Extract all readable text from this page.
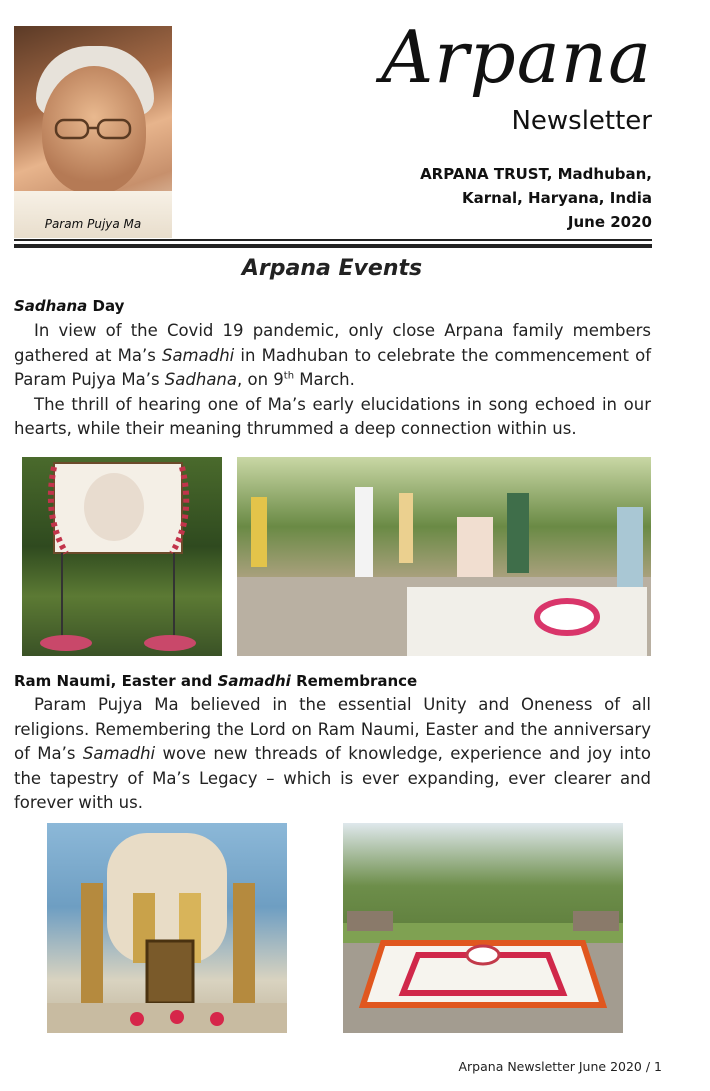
Param Pujya Ma
Arpana
Newsletter
ARPANA TRUST, Madhuban,
Karnal, Haryana, India
June 2020
Arpana Events
Sadhana Day

In view of the Covid 19 pandemic, only close Arpana family members gathered at Ma’s Samadhi in Madhuban to celebrate the commencement of Param Pujya Ma’s Sadhana, on 9th March.

The thrill of hearing one of Ma’s early elucidations in song echoed in our hearts, while their meaning thrummed a deep connection within us.

Ram Naumi, Easter and Samadhi Remembrance

Param Pujya Ma believed in the essential Unity and Oneness of all religions. Remembering the Lord on Ram Naumi, Easter and the anniversary of Ma’s Samadhi wove new threads of knowledge, experience and joy into the tapestry of Ma’s Legacy – which is ever expanding, ever clearer and forever with us.

Arpana Newsletter June 2020 / 1
